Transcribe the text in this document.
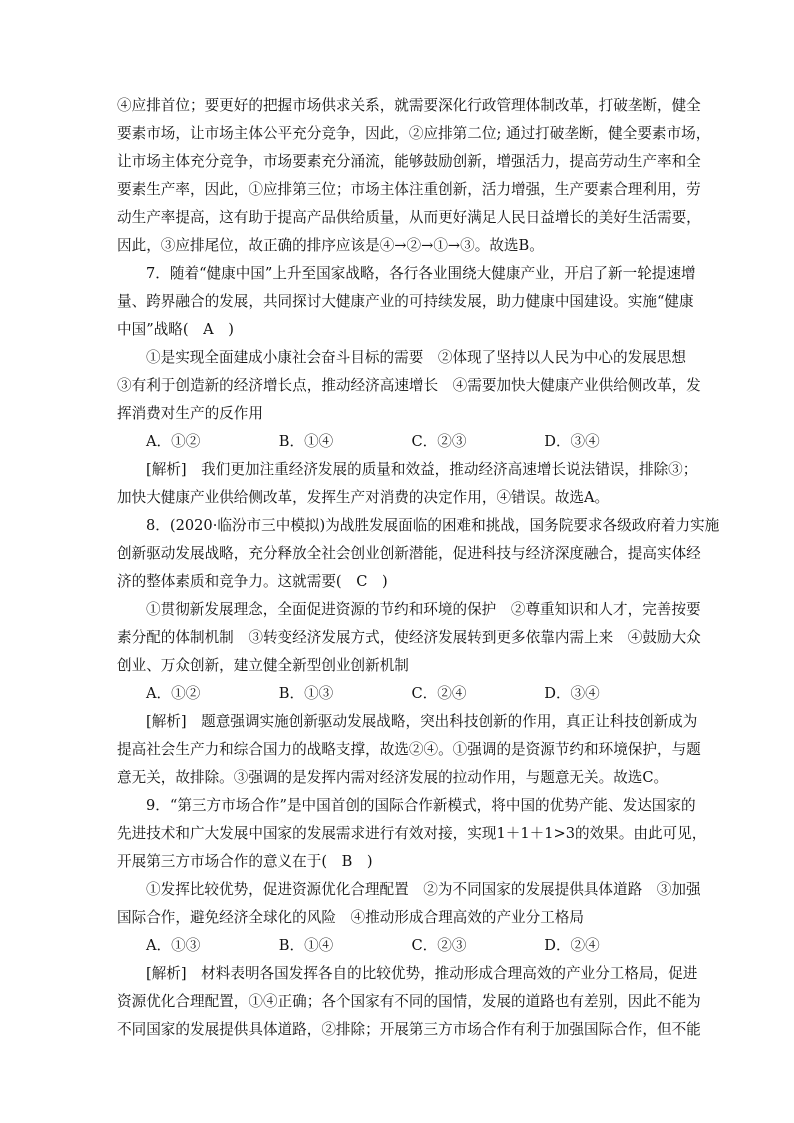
④应排首位；要更好的把握市场供求关系，就需要深化行政管理体制改革，打破垄断，健全
要素市场，让市场主体公平充分竞争，因此，②应排第二位; 通过打破垄断，健全要素市场，
让市场主体充分竞争，市场要素充分涌流，能够鼓励创新，增强活力，提高劳动生产率和全
要素生产率，因此，①应排第三位；市场主体注重创新，活力增强，生产要素合理利用，劳
动生产率提高，这有助于提高产品供给质量，从而更好满足人民日益增长的美好生活需要，
因此，③应排尾位，故正确的排序应该是④→②→①→③。故选B。
7．随着“健康中国”上升至国家战略，各行各业围绕大健康产业，开启了新一轮提速增
量、跨界融合的发展，共同探讨大健康产业的可持续发展，助力健康中国建设。实施“健康
中国”战略(　A　)
①是实现全面建成小康社会奋斗目标的需要　②体现了坚持以人民为中心的发展思想
③有利于创造新的经济增长点，推动经济高速增长　④需要加快大健康产业供给侧改革，发
挥消费对生产的反作用
A．①②	B．①④	C．②③	D．③④
[解析]　我们更加注重经济发展的质量和效益，推动经济高速增长说法错误，排除③；
加快大健康产业供给侧改革，发挥生产对消费的决定作用，④错误。故选A。
8．(2020·临汾市三中模拟)为战胜发展面临的困难和挑战，国务院要求各级政府着力实施
创新驱动发展战略，充分释放全社会创业创新潜能，促进科技与经济深度融合，提高实体经
济的整体素质和竞争力。这就需要(　C　)
①贯彻新发展理念，全面促进资源的节约和环境的保护　②尊重知识和人才，完善按要
素分配的体制机制　③转变经济发展方式，使经济发展转到更多依靠内需上来　④鼓励大众
创业、万众创新，建立健全新型创业创新机制
A．①②	B．①③	C．②④	D．③④
[解析]　题意强调实施创新驱动发展战略，突出科技创新的作用，真正让科技创新成为
提高社会生产力和综合国力的战略支撑，故选②④。①强调的是资源节约和环境保护，与题
意无关，故排除。③强调的是发挥内需对经济发展的拉动作用，与题意无关。故选C。
9．“第三方市场合作”是中国首创的国际合作新模式，将中国的优势产能、发达国家的
先进技术和广大发展中国家的发展需求进行有效对接，实现1＋1＋1>3的效果。由此可见，
开展第三方市场合作的意义在于(　B　)
①发挥比较优势，促进资源优化合理配置　②为不同国家的发展提供具体道路　③加强
国际合作，避免经济全球化的风险　④推动形成合理高效的产业分工格局
A．①③	B．①④	C．②③	D．②④
[解析]　材料表明各国发挥各自的比较优势，推动形成合理高效的产业分工格局，促进
资源优化合理配置，①④正确；各个国家有不同的国情，发展的道路也有差别，因此不能为
不同国家的发展提供具体道路，②排除；开展第三方市场合作有利于加强国际合作，但不能
